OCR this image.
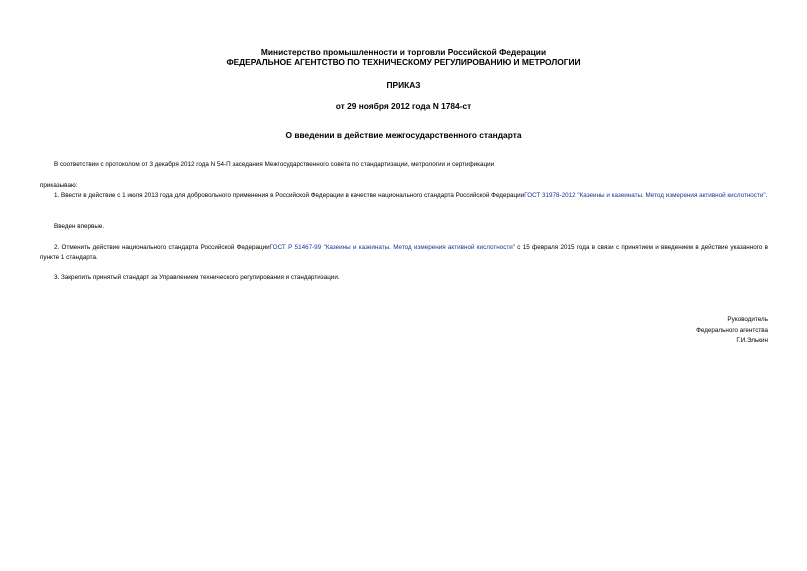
Министерство промышленности и торговли Российской Федерации
ФЕДЕРАЛЬНОЕ АГЕНТСТВО ПО ТЕХНИЧЕСКОМУ РЕГУЛИРОВАНИЮ И МЕТРОЛОГИИ
ПРИКАЗ
от 29 ноября 2012 года N 1784-ст
О введении в действие межгосударственного стандарта
В соответствии с протоколом от 3 декабря 2012 года N 54-П заседания Межгосударственного совета по стандартизации, метрологии и сертификации
приказываю:
1. Ввести в действие с 1 июля 2013 года для добровольного применения в Российской Федерации в качестве национального стандарта Российской ФедерацииГОСТ 31978-2012 "Казеины и казеинаты. Метод измерения активной кислотности".
Введен впервые.
2. Отменить действие национального стандарта Российской ФедерацииГОСТ Р 51467-99 "Казеины и казеинаты. Метод измерения активной кислотности" с 15 февраля 2015 года в связи с принятием и введением в действие указанного в пункте 1 стандарта.
3. Закрепить принятый стандарт за Управлением технического регулирования и стандартизации.
Руководитель
Федерального агентства
Г.И.Элькин
